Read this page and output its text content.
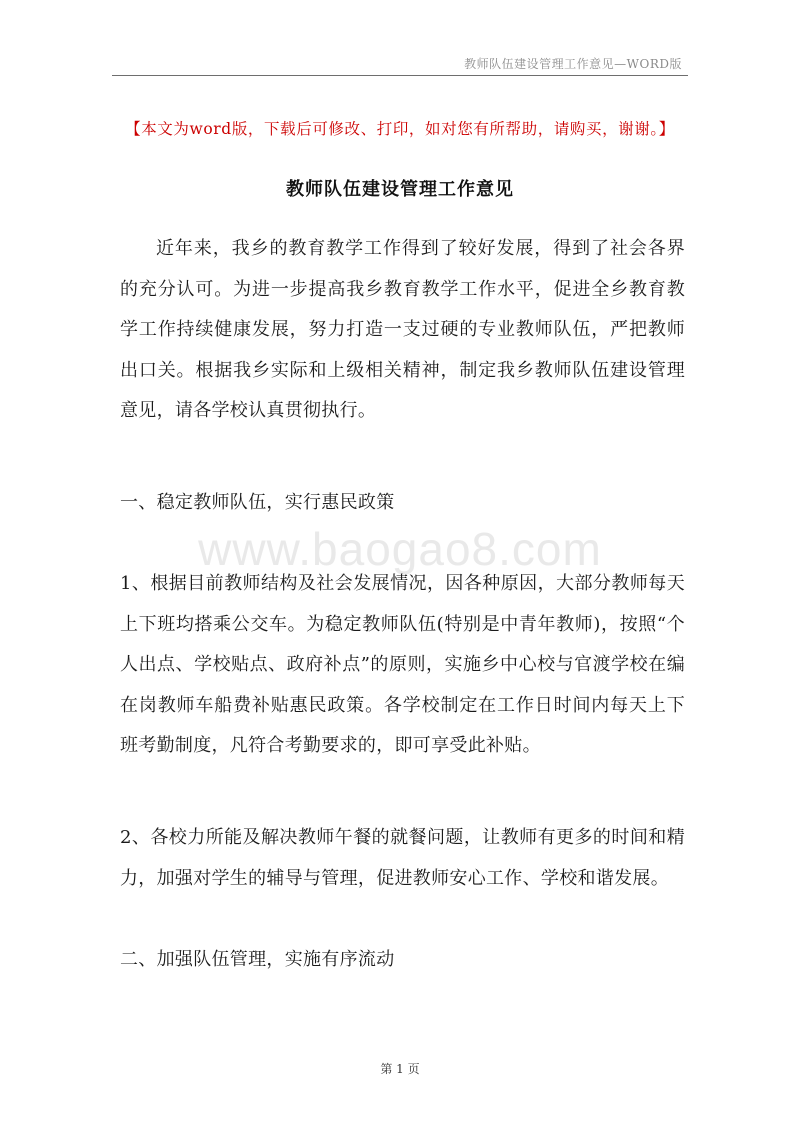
教师队伍建设管理工作意见—WORD版
【本文为word版，下载后可修改、打印，如对您有所帮助，请购买，谢谢。】
教师队伍建设管理工作意见

近年来，我乡的教育教学工作得到了较好发展，得到了社会各界的充分认可。为进一步提高我乡教育教学工作水平，促进全乡教育教学工作持续健康发展，努力打造一支过硬的专业教师队伍，严把教师出口关。根据我乡实际和上级相关精神，制定我乡教师队伍建设管理意见，请各学校认真贯彻执行。

一、稳定教师队伍，实行惠民政策

www.baogao8.com

1、根据目前教师结构及社会发展情况，因各种原因，大部分教师每天上下班均搭乘公交车。为稳定教师队伍(特别是中青年教师)，按照“个人出点、学校贴点、政府补点”的原则，实施乡中心校与官渡学校在编在岗教师车船费补贴惠民政策。各学校制定在工作日时间内每天上下班考勤制度，凡符合考勤要求的，即可享受此补贴。

2、各校力所能及解决教师午餐的就餐问题，让教师有更多的时间和精力，加强对学生的辅导与管理，促进教师安心工作、学校和谐发展。

二、加强队伍管理，实施有序流动

第 1 页
